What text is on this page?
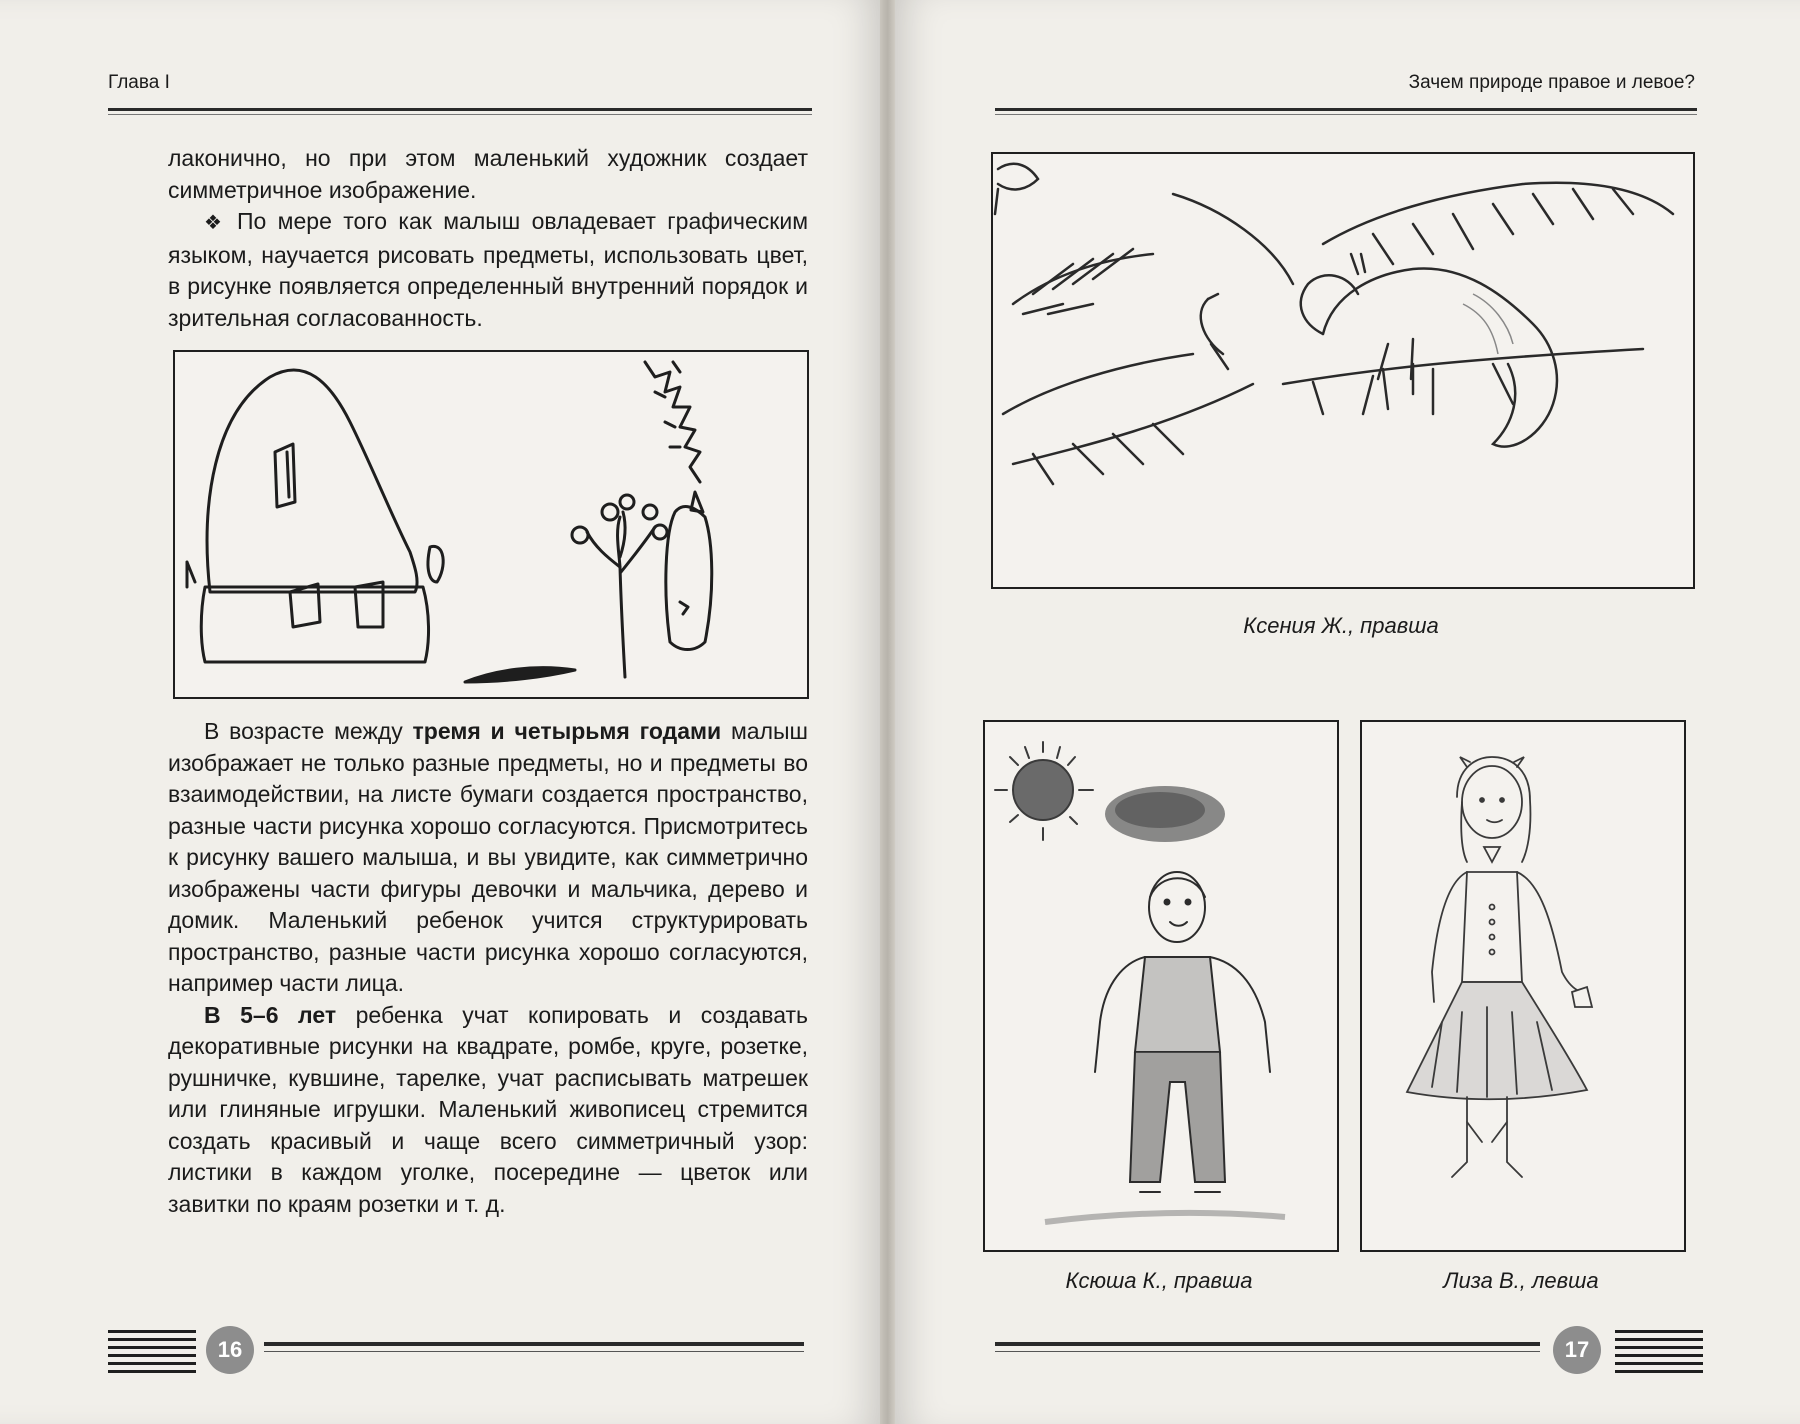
Глава I

лаконично, но при этом маленький художник создает симметричное изображение.

❖ По мере того как малыш овладевает графическим языком, научается рисовать предметы, использовать цвет, в рисунке появляется определенный внутренний порядок и зрительная согласованность.

В возрасте между тремя и четырьмя годами малыш изображает не только разные предметы, но и предметы во взаимодействии, на листе бумаги создается пространство, разные части рисунка хорошо согласуются. Присмотритесь к рисунку вашего малыша, и вы увидите, как симметрично изображены части фигуры девочки и мальчика, дерево и домик. Маленький ребенок учится структурировать пространство, разные части рисунка хорошо согласуются, например части лица.

В 5–6 лет ребенка учат копировать и создавать декоративные рисунки на квадрате, ромбе, круге, розетке, рушничке, кувшине, тарелке, учат расписывать матрешек или глиняные игрушки. Маленький живописец стремится создать красивый и чаще всего симметричный узор: листики в каждом уголке, посередине — цветок или завитки по краям розетки и т. д.

16
Зачем природе правое и левое?
Ксения Ж., правша
Ксюша К., правша	Лиза В., левша
17
